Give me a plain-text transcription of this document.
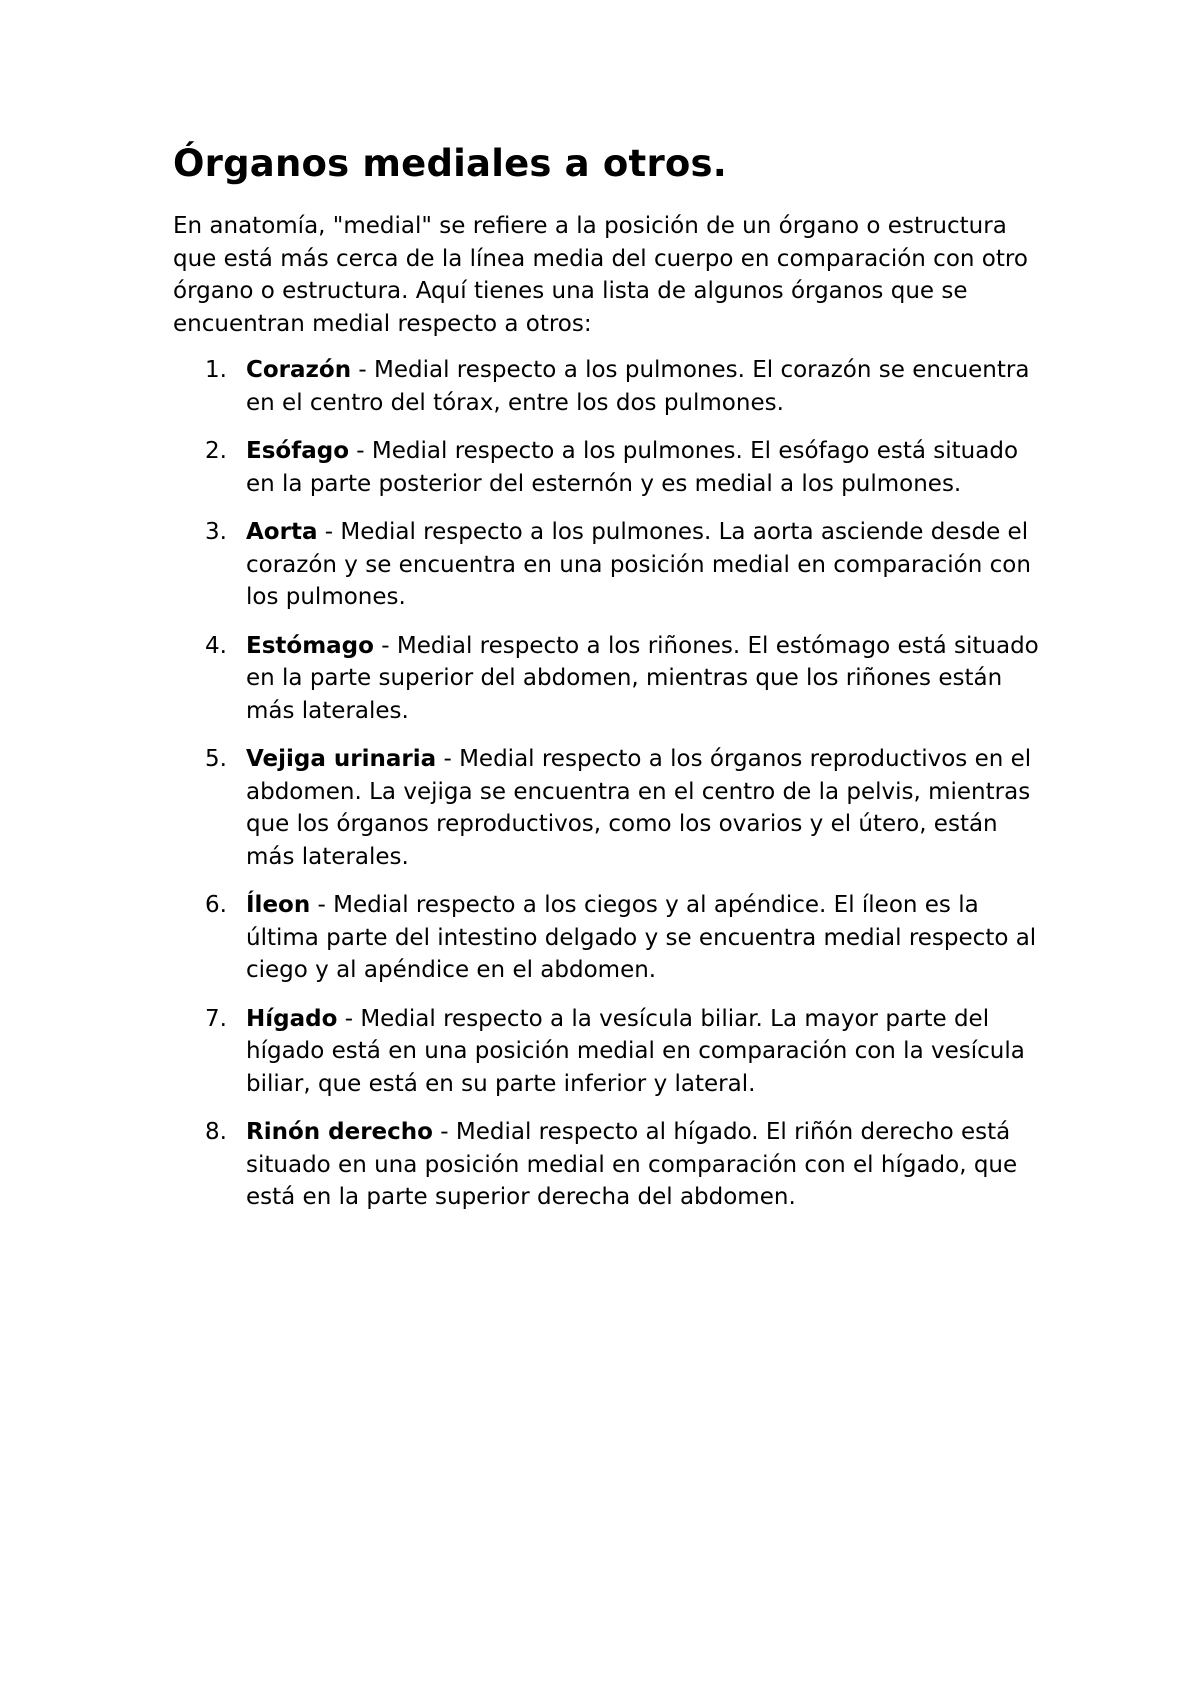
Órganos mediales a otros.

En anatomía, "medial" se refiere a la posición de un órgano o estructura que está más cerca de la línea media del cuerpo en comparación con otro órgano o estructura. Aquí tienes una lista de algunos órganos que se encuentran medial respecto a otros:

1. Corazón - Medial respecto a los pulmones. El corazón se encuentra en el centro del tórax, entre los dos pulmones.
2. Esófago - Medial respecto a los pulmones. El esófago está situado en la parte posterior del esternón y es medial a los pulmones.
3. Aorta - Medial respecto a los pulmones. La aorta asciende desde el corazón y se encuentra en una posición medial en comparación con los pulmones.
4. Estómago - Medial respecto a los riñones. El estómago está situado en la parte superior del abdomen, mientras que los riñones están más laterales.
5. Vejiga urinaria - Medial respecto a los órganos reproductivos en el abdomen. La vejiga se encuentra en el centro de la pelvis, mientras que los órganos reproductivos, como los ovarios y el útero, están más laterales.
6. Íleon - Medial respecto a los ciegos y al apéndice. El íleon es la última parte del intestino delgado y se encuentra medial respecto al ciego y al apéndice en el abdomen.
7. Hígado - Medial respecto a la vesícula biliar. La mayor parte del hígado está en una posición medial en comparación con la vesícula biliar, que está en su parte inferior y lateral.
8. Rinón derecho - Medial respecto al hígado. El riñón derecho está situado en una posición medial en comparación con el hígado, que está en la parte superior derecha del abdomen.
